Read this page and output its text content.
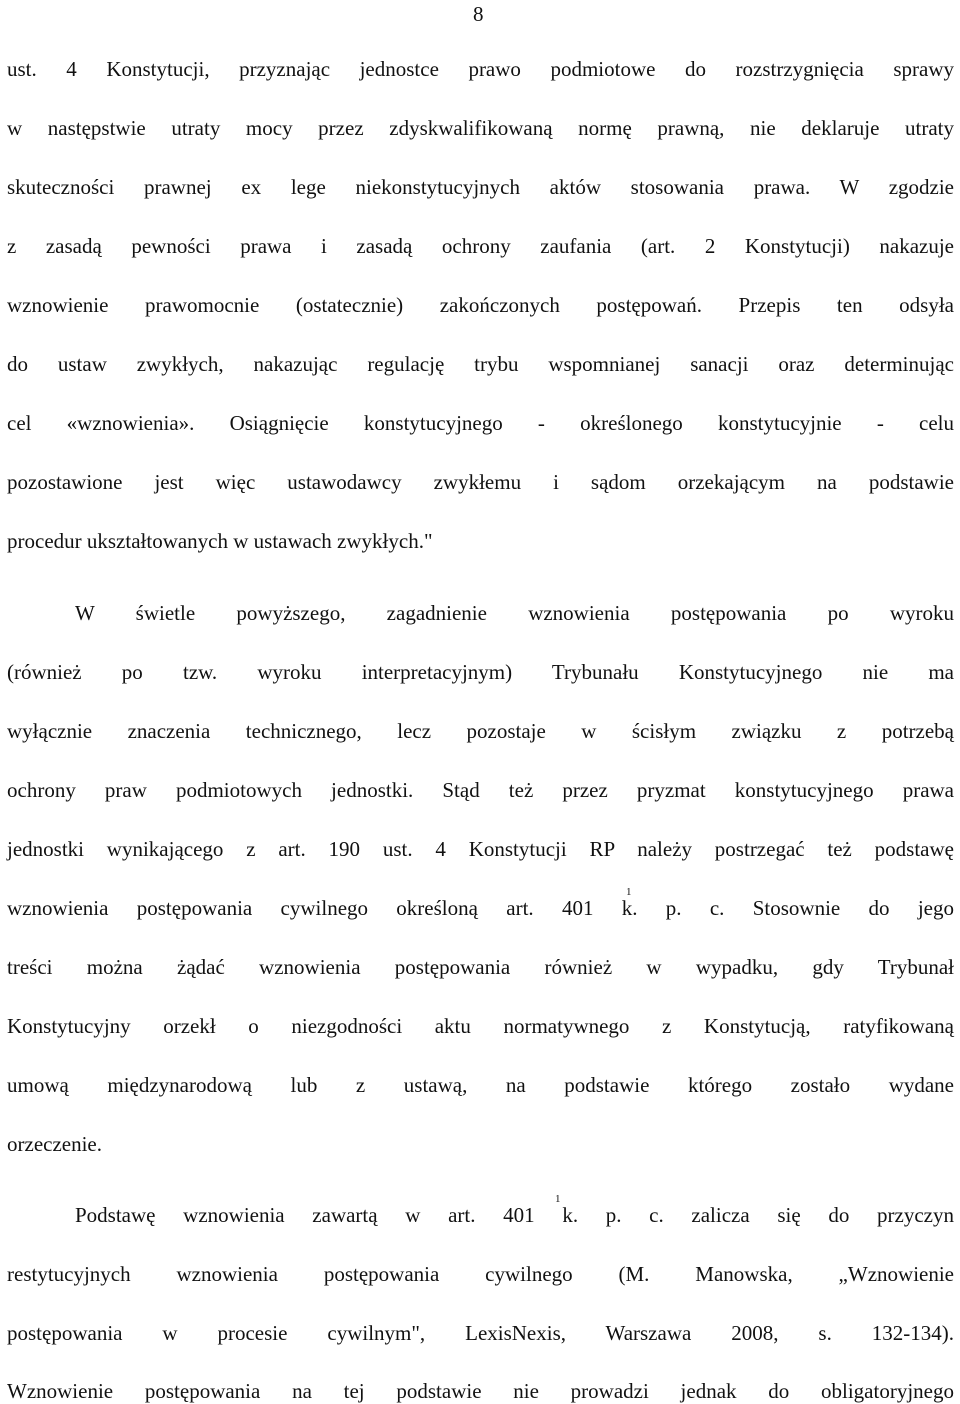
8
ust. 4 Konstytucji, przyznając jednostce prawo podmiotowe do rozstrzygnięcia sprawy
w następstwie utraty mocy przez zdyskwalifikowaną normę prawną, nie deklaruje utraty
skuteczności prawnej ex lege niekonstytucyjnych aktów stosowania prawa. W zgodzie
z zasadą pewności prawa i zasadą ochrony zaufania (art. 2 Konstytucji) nakazuje
wznowienie prawomocnie (ostatecznie) zakończonych postępowań. Przepis ten odsyła
do ustaw zwykłych, nakazując regulację trybu wspomnianej sanacji oraz determinując
cel «wznowienia». Osiągnięcie konstytucyjnego - określonego konstytucyjnie - celu
pozostawione jest więc ustawodawcy zwykłemu i sądom orzekającym na podstawie
procedur ukształtowanych w ustawach zwykłych."
W świetle powyższego, zagadnienie wznowienia postępowania po wyroku
(również po tzw. wyroku interpretacyjnym) Trybunału Konstytucyjnego nie ma
wyłącznie znaczenia technicznego, lecz pozostaje w ścisłym związku z potrzebą
ochrony praw podmiotowych jednostki. Stąd też przez pryzmat konstytucyjnego prawa
jednostki wynikającego z art. 190 ust. 4 Konstytucji RP należy postrzegać też podstawę
wznowienia postępowania cywilnego określoną art. 401 k. p. c. Stosownie do jego
1
treści można żądać wznowienia postępowania również w wypadku, gdy Trybunał
Konstytucyjny orzekł o niezgodności aktu normatywnego z Konstytucją, ratyfikowaną
umową międzynarodową lub z ustawą, na podstawie którego zostało wydane
orzeczenie.
Podstawę wznowienia zawartą w art. 401 k. p. c. zalicza się do przyczyn
1
restytucyjnych wznowienia postępowania cywilnego (M. Manowska, „Wznowienie
postępowania w procesie cywilnym", LexisNexis, Warszawa 2008, s. 132-134).
Wznowienie postępowania na tej podstawie nie prowadzi jednak do obligatoryjnego
